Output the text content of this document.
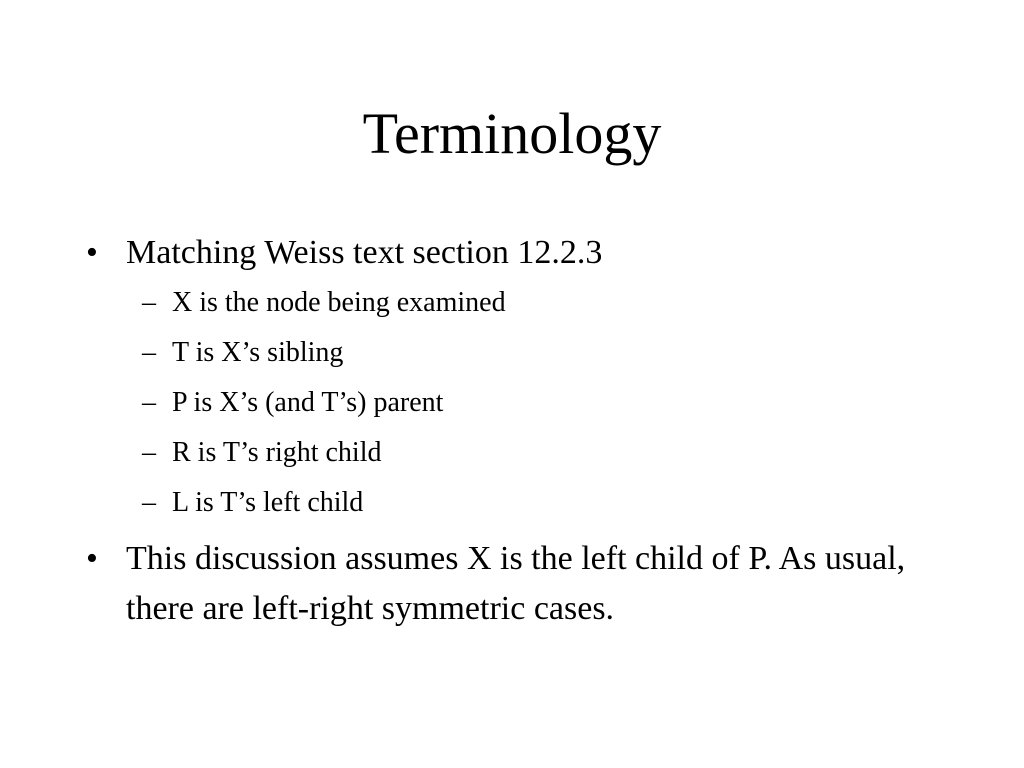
Terminology
• Matching Weiss text section 12.2.3
– X is the node being examined
– T is X’s sibling
– P is X’s (and T’s) parent
– R is T’s right child
– L is T’s left child
• This discussion assumes X is the left child of P. As usual, there are left-right symmetric cases.
